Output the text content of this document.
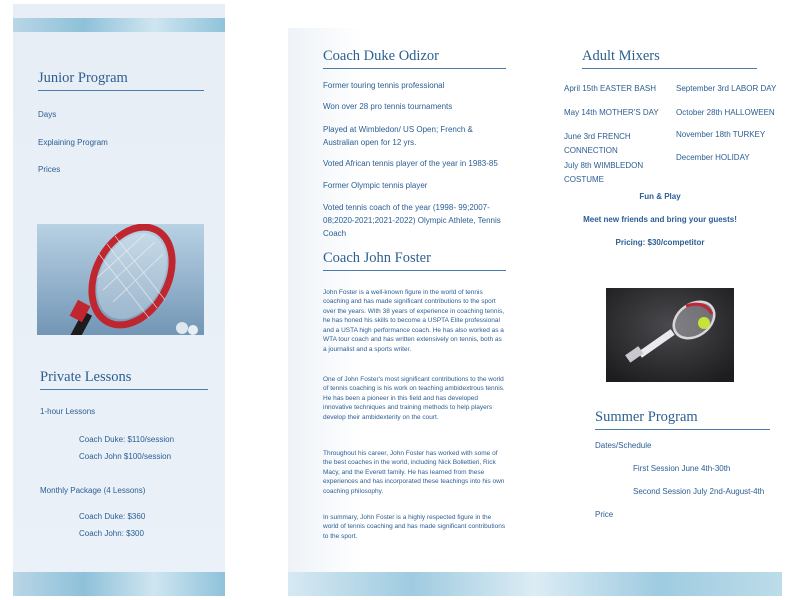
Junior Program
Days
Explaining Program
Prices
Private Lessons
1-hour Lessons
Coach Duke: $110/session
Coach John $100/session
Monthly Package (4 Lessons)
Coach Duke: $360
Coach John: $300
Coach Duke Odizor
Former touring tennis professional
Won over 28 pro tennis tournaments
Played at Wimbledon/ US Open; French & Australian open for 12 yrs.
Voted African tennis player of the year in 1983-85
Former Olympic tennis player
Voted tennis coach of the year (1998- 99;2007-08;2020-2021;2021-2022) Olympic Athlete, Tennis Coach
Coach John Foster
John Foster is a well-known figure in the world of tennis coaching and has made significant contributions to the sport over the years. With 38 years of experience in coaching tennis, he has honed his skills to become a USPTA Elite professional and a USTA high performance coach. He has also worked as a WTA tour coach and has written extensively on tennis, both as a journalist and a sports writer.
One of John Foster's most significant contributions to the world of tennis coaching is his work on teaching ambidextrous tennis. He has been a pioneer in this field and has developed innovative techniques and training methods to help players develop their ambidexterity on the court.
Throughout his career, John Foster has worked with some of the best coaches in the world, including Nick Bollettieri, Rick Macy, and the Everett family. He has learned from these experiences and has incorporated these teachings into his own coaching philosophy.
In summary, John Foster is a highly respected figure in the world of tennis coaching and has made significant contributions to the sport.
Adult Mixers
April 15th EASTER BASH
May 14th MOTHER'S DAY
June 3rd FRENCH CONNECTION
July 8th WIMBLEDON COSTUME
September 3rd LABOR DAY
October 28th HALLOWEEN
November 18th TURKEY
December HOLIDAY
Fun & Play
Meet new friends and bring your guests!
Pricing: $30/competitor
Summer Program
Dates/Schedule
First Session June 4th-30th
Second Session July 2nd-August-4th
Price
